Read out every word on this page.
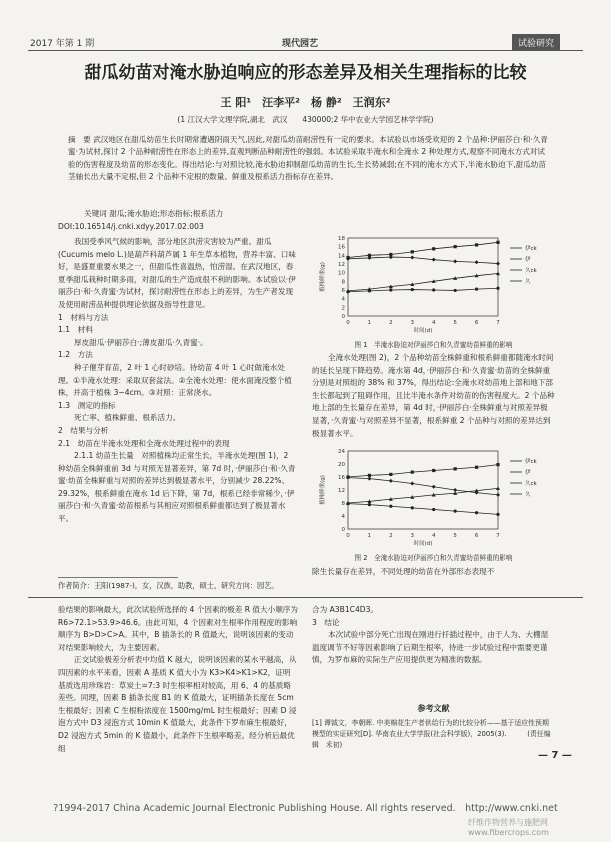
2017 年第 1 期	现代园艺	试验研究
甜瓜幼苗对淹水胁迫响应的形态差异及相关生理指标的比较
王 阳¹　汪李平²　杨 静²　王润东²
(1 江汉大学文理学院,湖北　武汉　　430000;2 华中农业大学园艺林学学院)
摘　要 武汉地区在甜瓜幼苗生长时期常遭遇阴雨天气,因此,对甜瓜幼苗耐涝性有一定的要求。本试验以市场受欢迎的 2 个品种:伊丽莎白·和·久青蜜·为试材,探讨 2 个品种耐涝性在形态上的差异,直观判断品种耐涝性的强弱。本试验采取半淹水和全淹水 2 种处理方式,观察不同淹水方式对试验的伤害程度及幼苗的形态变化。得出结论:与对照比较,淹水胁迫抑制甜瓜幼苗的生长,生长势减弱;在不同的淹水方式下,半淹水胁迫下,甜瓜幼苗茎轴长出大量不定根,但 2 个品种不定根的数量、鲜重及根系活力指标存在差异。
关键词 甜瓜;淹水胁迫;形态指标;根系活力
DOI:10.16514/j.cnki.xdyy.2017.02.003

我国受季风气候的影响，部分地区洪涝灾害较为严重。甜瓜(Cucumis melo L.)是葫芦科葫芦属 1 年生草本植物，营养丰富、口味好，是盛夏重要水果之一，但甜瓜性喜温热，怕涝湿。在武汉地区，春夏季甜瓜栽种时期多雨，对甜瓜的生产造成很不利的影响。本试验以·伊丽莎白·和·久青蜜·为试材，探讨耐涝性在形态上的差异，为生产者发现及使用耐涝品种提供理论依据及指导性意见。

1　材料与方法

1.1　材料

厚皮甜瓜·伊丽莎白·;薄皮甜瓜·久青蜜·。

1.2　方法

种子催芽育苗，2 叶 1 心时砂培。待幼苗 4 叶 1 心时做淹水处理。①半淹水处理：采取双套盆法。②全淹水处理：使水面淹没整个植株，并高于植株 3~4cm。③对照：正常浇水。

1.3　测定的指标

死亡率、植株鲜重、根系活力。

2　结果与分析

2.1　幼苗在半淹水处理和全淹水处理过程中的表现

2.1.1 幼苗生长量　对照植株均正常生长，半淹水处理(图 1)，2 种幼苗全株鲜重前 3d 与对照无显著差异，第 7d 时，·伊丽莎白·和·久青蜜·幼苗全株鲜重与对照的差异达到极显著水平，分别减少 28.22%、29.32%，根系鲜重在淹水 1d 后下降，第 7d，根系已经非常稀少，·伊丽莎白·和·久青蜜·幼苗根系与其相应对照根系鲜重都达到了极显著水平。

作者简介：王阳(1987-)，女，汉族，助教，硕士，研究方向：园艺。

验结果的影响最大，此次试验所选择的 4 个因素的极差 R 值大小顺序为 R6>72.1>53.9>46.6。由此可知，4 个因素对生根率作用程度的影响顺序为 B>D>C>A。其中，B 插条长的 R 值最大，说明该因素的变动对结果影响较大，为主要因素。

正交试验极差分析表中均值 K 越大，说明该因素的某水平越高，从四因素的水平来看，因素 A 基质 K 值大小为 K3>K4>K1>K2，证明基质选用珍珠岩：草炭土=7:3 时生根率相对较高，用 6、4 的基质略差些。同理，因素 B 插条长度 B1 的 K 值最大，证明插条长度在 5cm 生根最好；因素 C 生根粉浓度在 1500mg/mL 时生根最好；因素 D 浸泡方式中 D3 浸泡方式 10min K 值最大，此条件下罗布麻生根最好，D2 浸泡方式 5min 的 K 值最小，此条件下生根率略差。经分析后最优组

0
2
4
6
8
10
12
14
16
18
0	1	2	3	4	5	6	7
植株鲜重(g)
时间(d)
伊ck
伊
久ck
久
图 1　半淹水胁迫对伊丽莎白和久青蜜幼苗鲜重的影响

全淹水处理(图 2)，2 个品种幼苗全株鲜重和根系鲜重都随淹水时间的延长呈现下降趋势。淹水第 4d，·伊丽莎白·和·久青蜜·幼苗的全株鲜重分别是对照组的 38% 和 37%，得出结论:全淹水对幼苗地上部和地下部生长都起到了阻碍作用，且比半淹水条件对幼苗的伤害程度大。2 个品种地上部的生长量存在差异，第 4d 时，·伊丽莎白·全株鲜重与对照差异极显著，·久青蜜·与对照差异不显著，根系鲜重 2 个品种与对照的差异达到极显著水平。

0
4
8
12
16
20
24
0	1	2	3	4	5	6	7
植株鲜重(g)
时间(d)
伊ck
伊
久ck
久
图 2　全淹水胁迫对伊丽莎白和久青蜜幼苗鲜重的影响

除生长量存在差异，不同处理的幼苗在外部形态表现不

合为 A3B1C4D3。

3　结论

本次试验中部分死亡出现在刚进行扦插过程中，由于人为、大棚湿温度调节不好等因素影响了后期生根率，待进一步试验过程中需要更谨慎，为罗布麻的实际生产应用提供更为精准的数据。

参考文献
[1] 谭钺文，李朝晖. 中美棉花生产者供给行为的比较分析——基于适应性预期模型的实证研究[D]. 华南农业大学学报(社会科学版)，2005(3).　　　(责任编辑　禾初)
— 7 —
?1994-2017 China Academic Journal Electronic Publishing House. All rights reserved.　http://www.cnki.net
纤维作物营养与施肥网 www.fibercrops.com
